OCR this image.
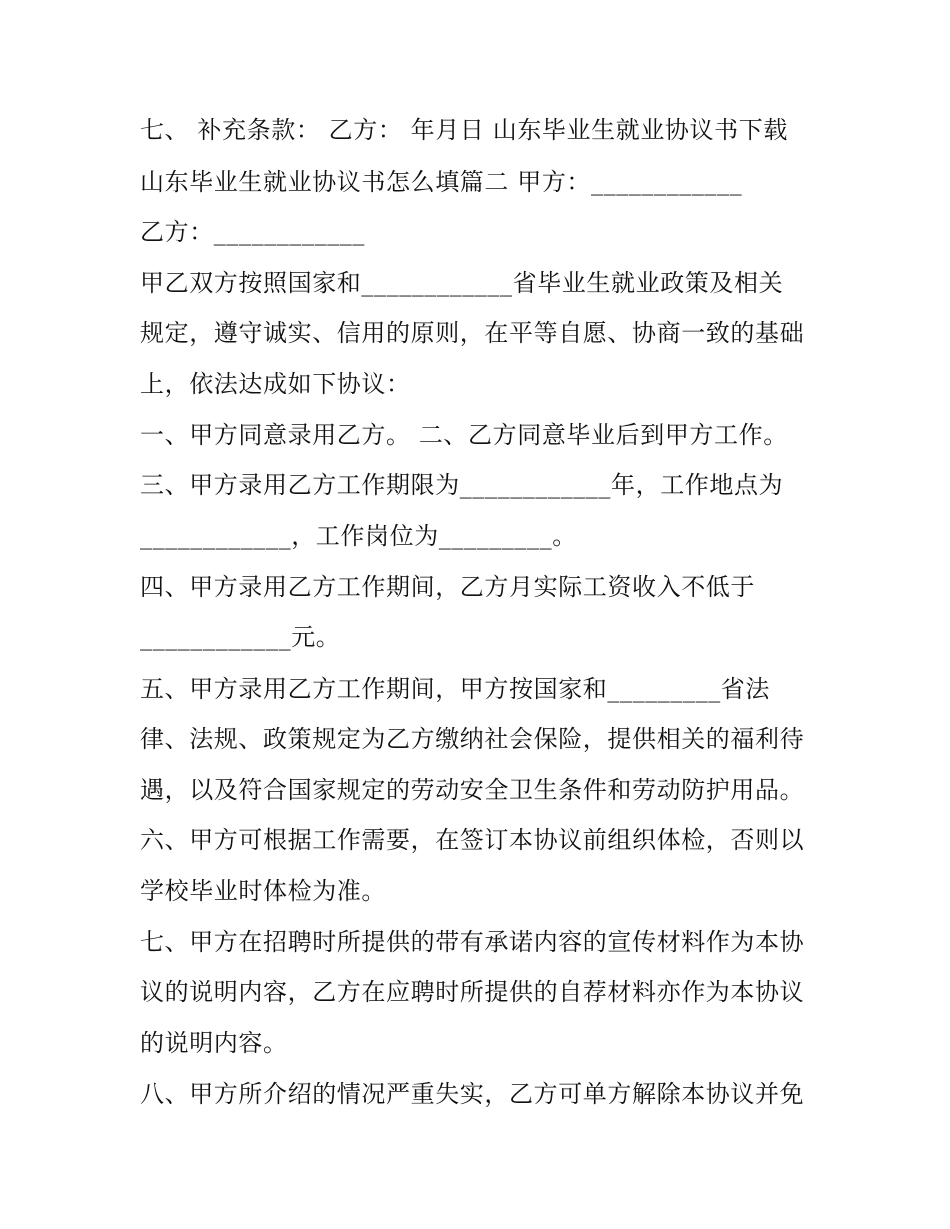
七、 补充条款： 乙方： 年月日 山东毕业生就业协议书下载
山东毕业生就业协议书怎么填篇二 甲方：____________
乙方：____________
甲乙双方按照国家和____________省毕业生就业政策及相关
规定，遵守诚实、信用的原则，在平等自愿、协商一致的基础
上，依法达成如下协议：
一、甲方同意录用乙方。 二、乙方同意毕业后到甲方工作。
三、甲方录用乙方工作期限为____________年，工作地点为
____________，工作岗位为_________。
四、甲方录用乙方工作期间，乙方月实际工资收入不低于
____________元。
五、甲方录用乙方工作期间，甲方按国家和_________省法
律、法规、政策规定为乙方缴纳社会保险，提供相关的福利待
遇，以及符合国家规定的劳动安全卫生条件和劳动防护用品。
六、甲方可根据工作需要，在签订本协议前组织体检，否则以
学校毕业时体检为准。
七、甲方在招聘时所提供的带有承诺内容的宣传材料作为本协
议的说明内容，乙方在应聘时所提供的自荐材料亦作为本协议
的说明内容。
八、甲方所介绍的情况严重失实，乙方可单方解除本协议并免
